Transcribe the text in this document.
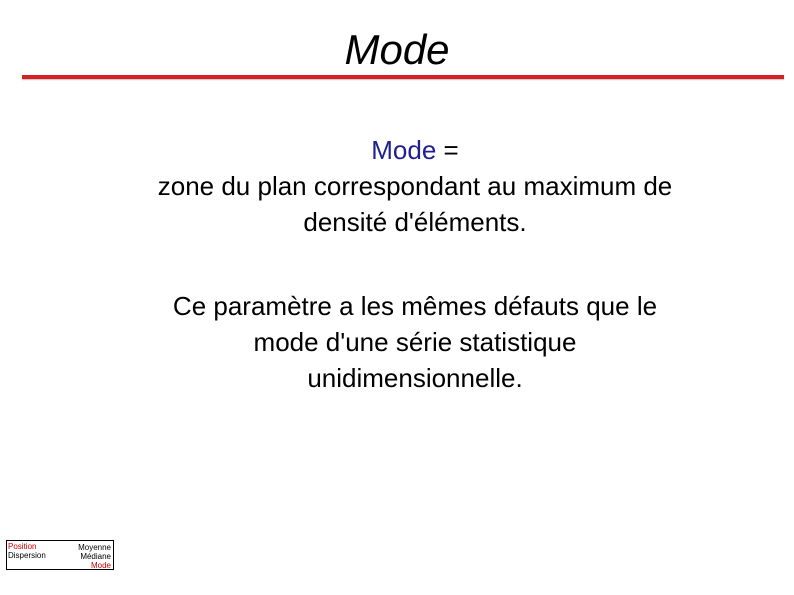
Mode
Mode =
zone du plan correspondant au maximum de
densité d'éléments.
Ce paramètre a les mêmes défauts que le
mode d'une série statistique
unidimensionnelle.
Position
Dispersion
Moyenne
Médiane
Mode
